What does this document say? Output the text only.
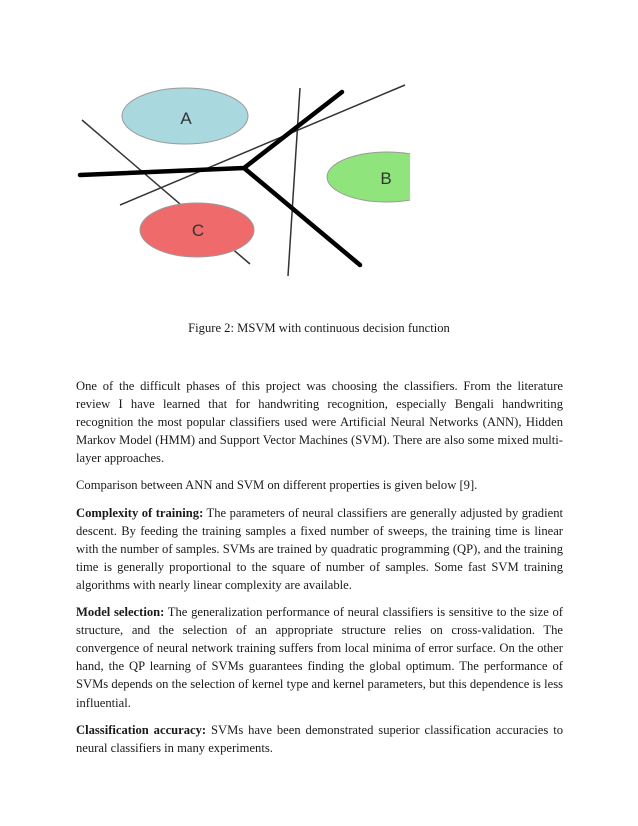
A
B
C
Figure 2: MSVM with continuous decision function

One of the difficult phases of this project was choosing the classifiers. From the literature review I have learned that for handwriting recognition, especially Bengali handwriting recognition the most popular classifiers used were Artificial Neural Networks (ANN), Hidden Markov Model (HMM) and Support Vector Machines (SVM). There are also some mixed multi-layer approaches.

Comparison between ANN and SVM on different properties is given below [9].

Complexity of training: The parameters of neural classifiers are generally adjusted by gradient descent. By feeding the training samples a fixed number of sweeps, the training time is linear with the number of samples. SVMs are trained by quadratic programming (QP), and the training time is generally proportional to the square of number of samples. Some fast SVM training algorithms with nearly linear complexity are available.

Model selection: The generalization performance of neural classifiers is sensitive to the size of structure, and the selection of an appropriate structure relies on cross-validation. The convergence of neural network training suffers from local minima of error surface. On the other hand, the QP learning of SVMs guarantees finding the global optimum. The performance of SVMs depends on the selection of kernel type and kernel parameters, but this dependence is less influential.

Classification accuracy: SVMs have been demonstrated superior classification accuracies to neural classifiers in many experiments.
